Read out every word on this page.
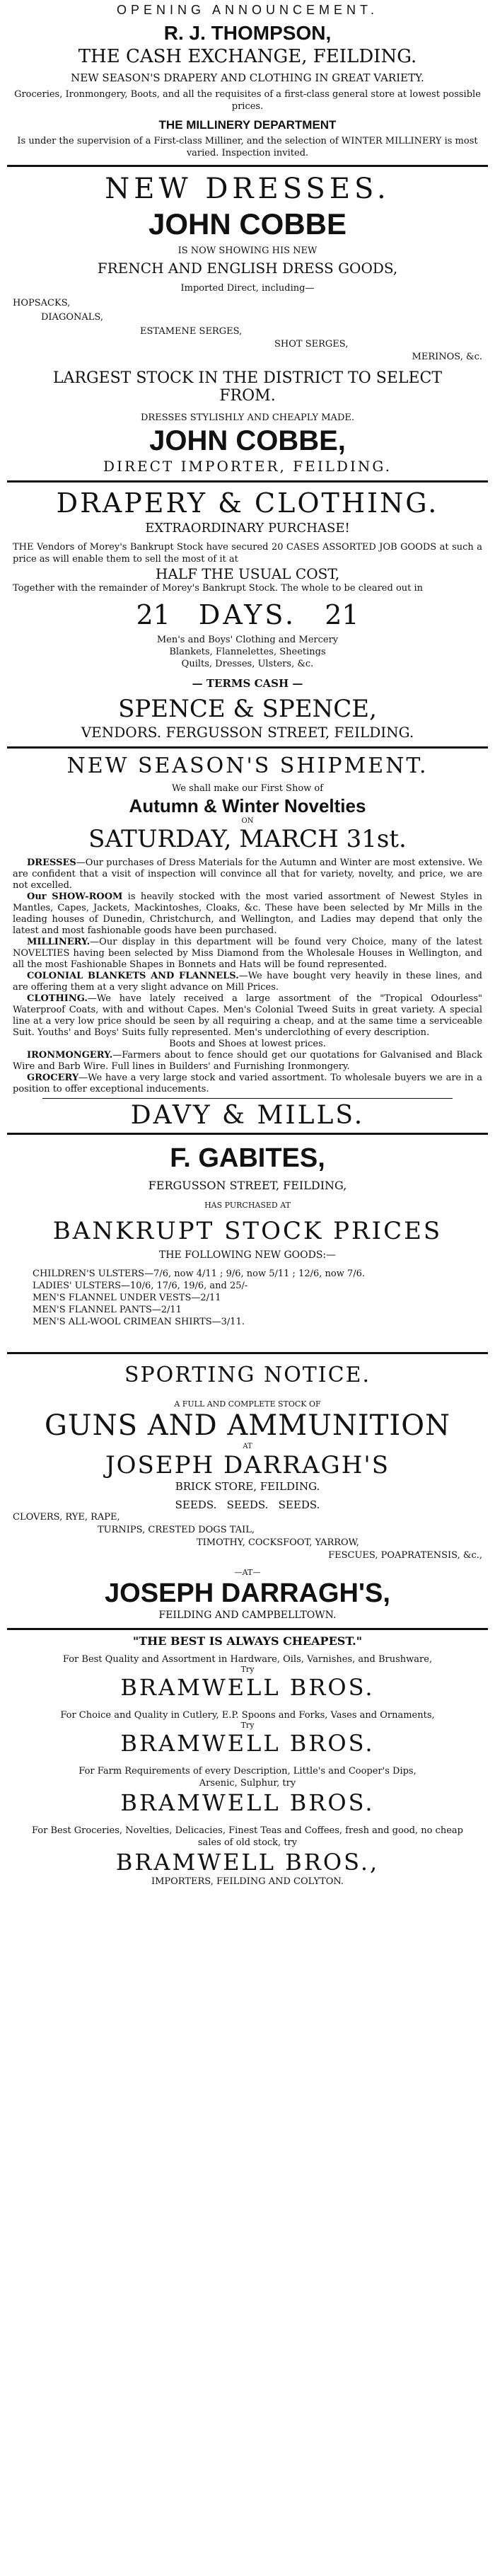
OPENING ANNOUNCEMENT.
R. J. THOMPSON,
THE CASH EXCHANGE, FEILDING.
NEW SEASON'S DRAPERY AND CLOTHING IN GREAT VARIETY.
Groceries, Ironmongery, Boots, and all the requisites of a first-class general store at lowest possible prices.
THE MILLINERY DEPARTMENT
Is under the supervision of a First-class Milliner, and the selection of WINTER MILLINERY is most varied. Inspection invited.
NEW DRESSES.
JOHN COBBE
IS NOW SHOWING HIS NEW
FRENCH AND ENGLISH DRESS GOODS,
Imported Direct, including—
HOPSACKS,
DIAGONALS,
ESTAMENE SERGES,
SHOT SERGES,
MERINOS, &c.
LARGEST STOCK IN THE DISTRICT TO SELECT
FROM.
DRESSES STYLISHLY AND CHEAPLY MADE.
JOHN COBBE,
DIRECT IMPORTER, FEILDING.
DRAPERY & CLOTHING.
EXTRAORDINARY PURCHASE!
THE Vendors of Morey's Bankrupt Stock have secured 20 CASES ASSORTED JOB GOODS at such a price as will enable them to sell the most of it at
HALF THE USUAL COST,
Together with the remainder of Morey's Bankrupt Stock. The whole to be cleared out in
21 DAYS. 21
Men's and Boys' Clothing and Mercery
Blankets, Flannelettes, Sheetings
Quilts, Dresses, Ulsters, &c.
— TERMS CASH —
SPENCE & SPENCE,
VENDORS. FERGUSSON STREET, FEILDING.
NEW SEASON'S SHIPMENT.
We shall make our First Show of
Autumn & Winter Novelties
ON
SATURDAY, MARCH 31st.

DRESSES—Our purchases of Dress Materials for the Autumn and Winter are most extensive. We are confident that a visit of inspection will convince all that for variety, novelty, and price, we are not excelled.

Our SHOW-ROOM is heavily stocked with the most varied assortment of Newest Styles in Mantles, Capes, Jackets, Mackintoshes, Cloaks, &c. These have been selected by Mr Mills in the leading houses of Dunedin, Christchurch, and Wellington, and Ladies may depend that only the latest and most fashionable goods have been purchased.

MILLINERY.—Our display in this department will be found very Choice, many of the latest NOVELTIES having been selected by Miss Diamond from the Wholesale Houses in Wellington, and all the most Fashionable Shapes in Bonnets and Hats will be found represented.

COLONIAL BLANKETS AND FLANNELS.—We have bought very heavily in these lines, and are offering them at a very slight advance on Mill Prices.

CLOTHING.—We have lately received a large assortment of the "Tropical Odourless" Waterproof Coats, with and without Capes. Men's Colonial Tweed Suits in great variety. A special line at a very low price should be seen by all requiring a cheap, and at the same time a serviceable Suit. Youths' and Boys' Suits fully represented. Men's underclothing of every description.

Boots and Shoes at lowest prices.

IRONMONGERY.—Farmers about to fence should get our quotations for Galvanised and Black Wire and Barb Wire. Full lines in Builders' and Furnishing Ironmongery.

GROCERY—We have a very large stock and varied assortment. To wholesale buyers we are in a position to offer exceptional inducements.

DAVY & MILLS.
F. GABITES,
FERGUSSON STREET, FEILDING,
HAS PURCHASED AT
BANKRUPT STOCK PRICES
THE FOLLOWING NEW GOODS:—
CHILDREN'S ULSTERS—7/6, now 4/11 ; 9/6, now 5/11 ; 12/6, now 7/6.
LADIES' ULSTERS—10/6, 17/6, 19/6, and 25/-
MEN'S FLANNEL UNDER VESTS—2/11
MEN'S FLANNEL PANTS—2/11
MEN'S ALL-WOOL CRIMEAN SHIRTS—3/11.
SPORTING NOTICE.
A FULL AND COMPLETE STOCK OF
GUNS AND AMMUNITION
AT
JOSEPH DARRAGH'S
BRICK STORE, FEILDING.
SEEDS.   SEEDS.   SEEDS.
CLOVERS, RYE, RAPE,
TURNIPS, CRESTED DOGS TAIL,
TIMOTHY, COCKSFOOT, YARROW,
FESCUES, POAPRATENSIS, &c.,
—AT—
JOSEPH DARRAGH'S,
FEILDING AND CAMPBELLTOWN.
"THE BEST IS ALWAYS CHEAPEST."
For Best Quality and Assortment in Hardware, Oils, Varnishes, and Brushware,
Try
BRAMWELL BROS.
For Choice and Quality in Cutlery, E.P. Spoons and Forks, Vases and Ornaments,
Try
BRAMWELL BROS.
For Farm Requirements of every Description, Little's and Cooper's Dips, Arsenic, Sulphur, try
BRAMWELL BROS.
For Best Groceries, Novelties, Delicacies, Finest Teas and Coffees, fresh and good, no cheap sales of old stock, try
BRAMWELL BROS.,
IMPORTERS, FEILDING AND COLYTON.
